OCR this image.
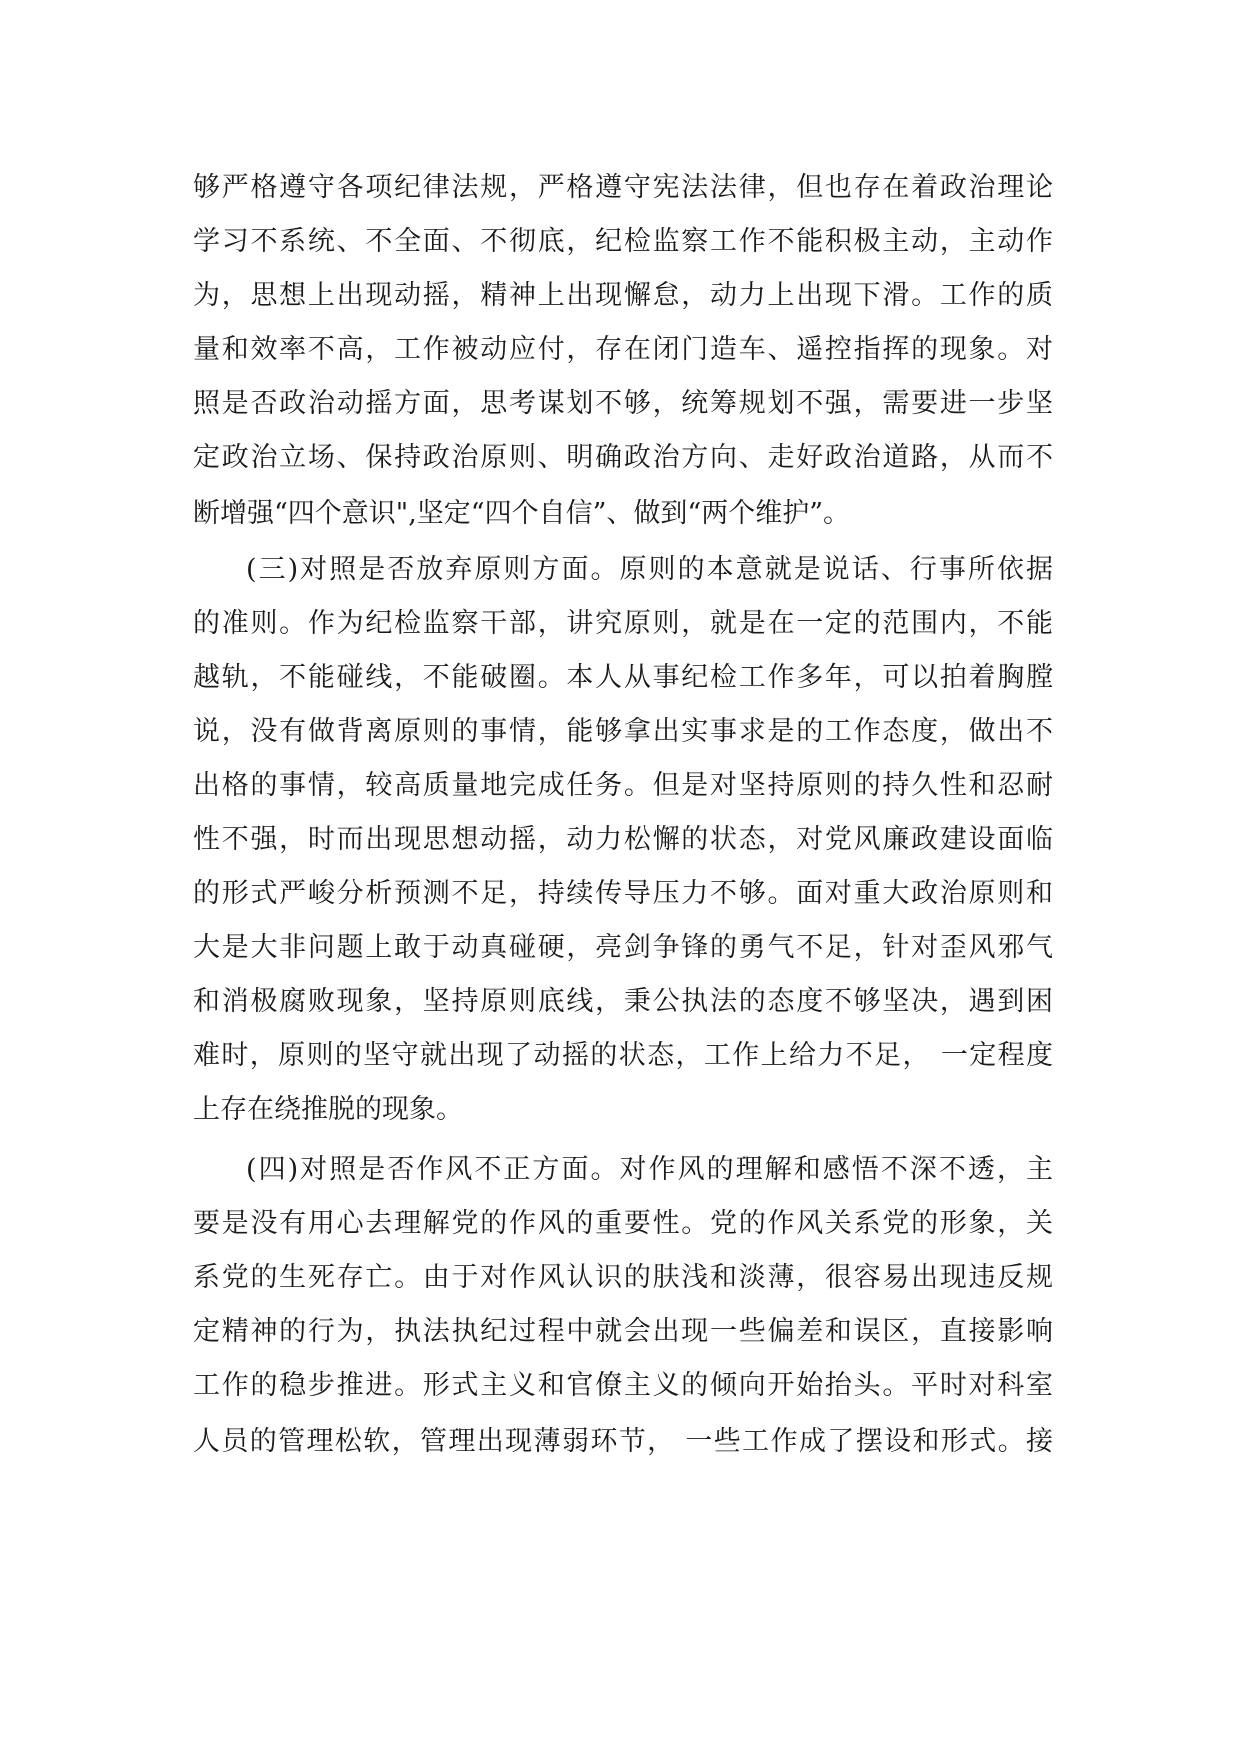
够严格遵守各项纪律法规，严格遵守宪法法律，但也存在着政治理论
学习不系统、不全面、不彻底，纪检监察工作不能积极主动，主动作
为，思想上出现动摇，精神上出现懈怠，动力上出现下滑。工作的质
量和效率不高，工作被动应付，存在闭门造车、遥控指挥的现象。对
照是否政治动摇方面，思考谋划不够，统筹规划不强，需要进一步坚
定政治立场、保持政治原则、明确政治方向、走好政治道路，从而不
断增强“四个意识",坚定“四个自信”、做到“两个维护”。
(三)对照是否放弃原则方面。原则的本意就是说话、行事所依据
的准则。作为纪检监察干部，讲究原则，就是在一定的范围内，不能
越轨，不能碰线，不能破圈。本人从事纪检工作多年，可以拍着胸膛
说，没有做背离原则的事情，能够拿出实事求是的工作态度，做出不
出格的事情，较高质量地完成任务。但是对坚持原则的持久性和忍耐
性不强，时而出现思想动摇，动力松懈的状态，对党风廉政建设面临
的形式严峻分析预测不足，持续传导压力不够。面对重大政治原则和
大是大非问题上敢于动真碰硬，亮剑争锋的勇气不足，针对歪风邪气
和消极腐败现象，坚持原则底线，秉公执法的态度不够坚决，遇到困
难时，原则的坚守就出现了动摇的状态，工作上给力不足， 一定程度
上存在绕推脱的现象。
(四)对照是否作风不正方面。对作风的理解和感悟不深不透，主
要是没有用心去理解党的作风的重要性。党的作风关系党的形象，关
系党的生死存亡。由于对作风认识的肤浅和淡薄，很容易出现违反规
定精神的行为，执法执纪过程中就会出现一些偏差和误区，直接影响
工作的稳步推进。形式主义和官僚主义的倾向开始抬头。平时对科室
人员的管理松软，管理出现薄弱环节， 一些工作成了摆设和形式。接
